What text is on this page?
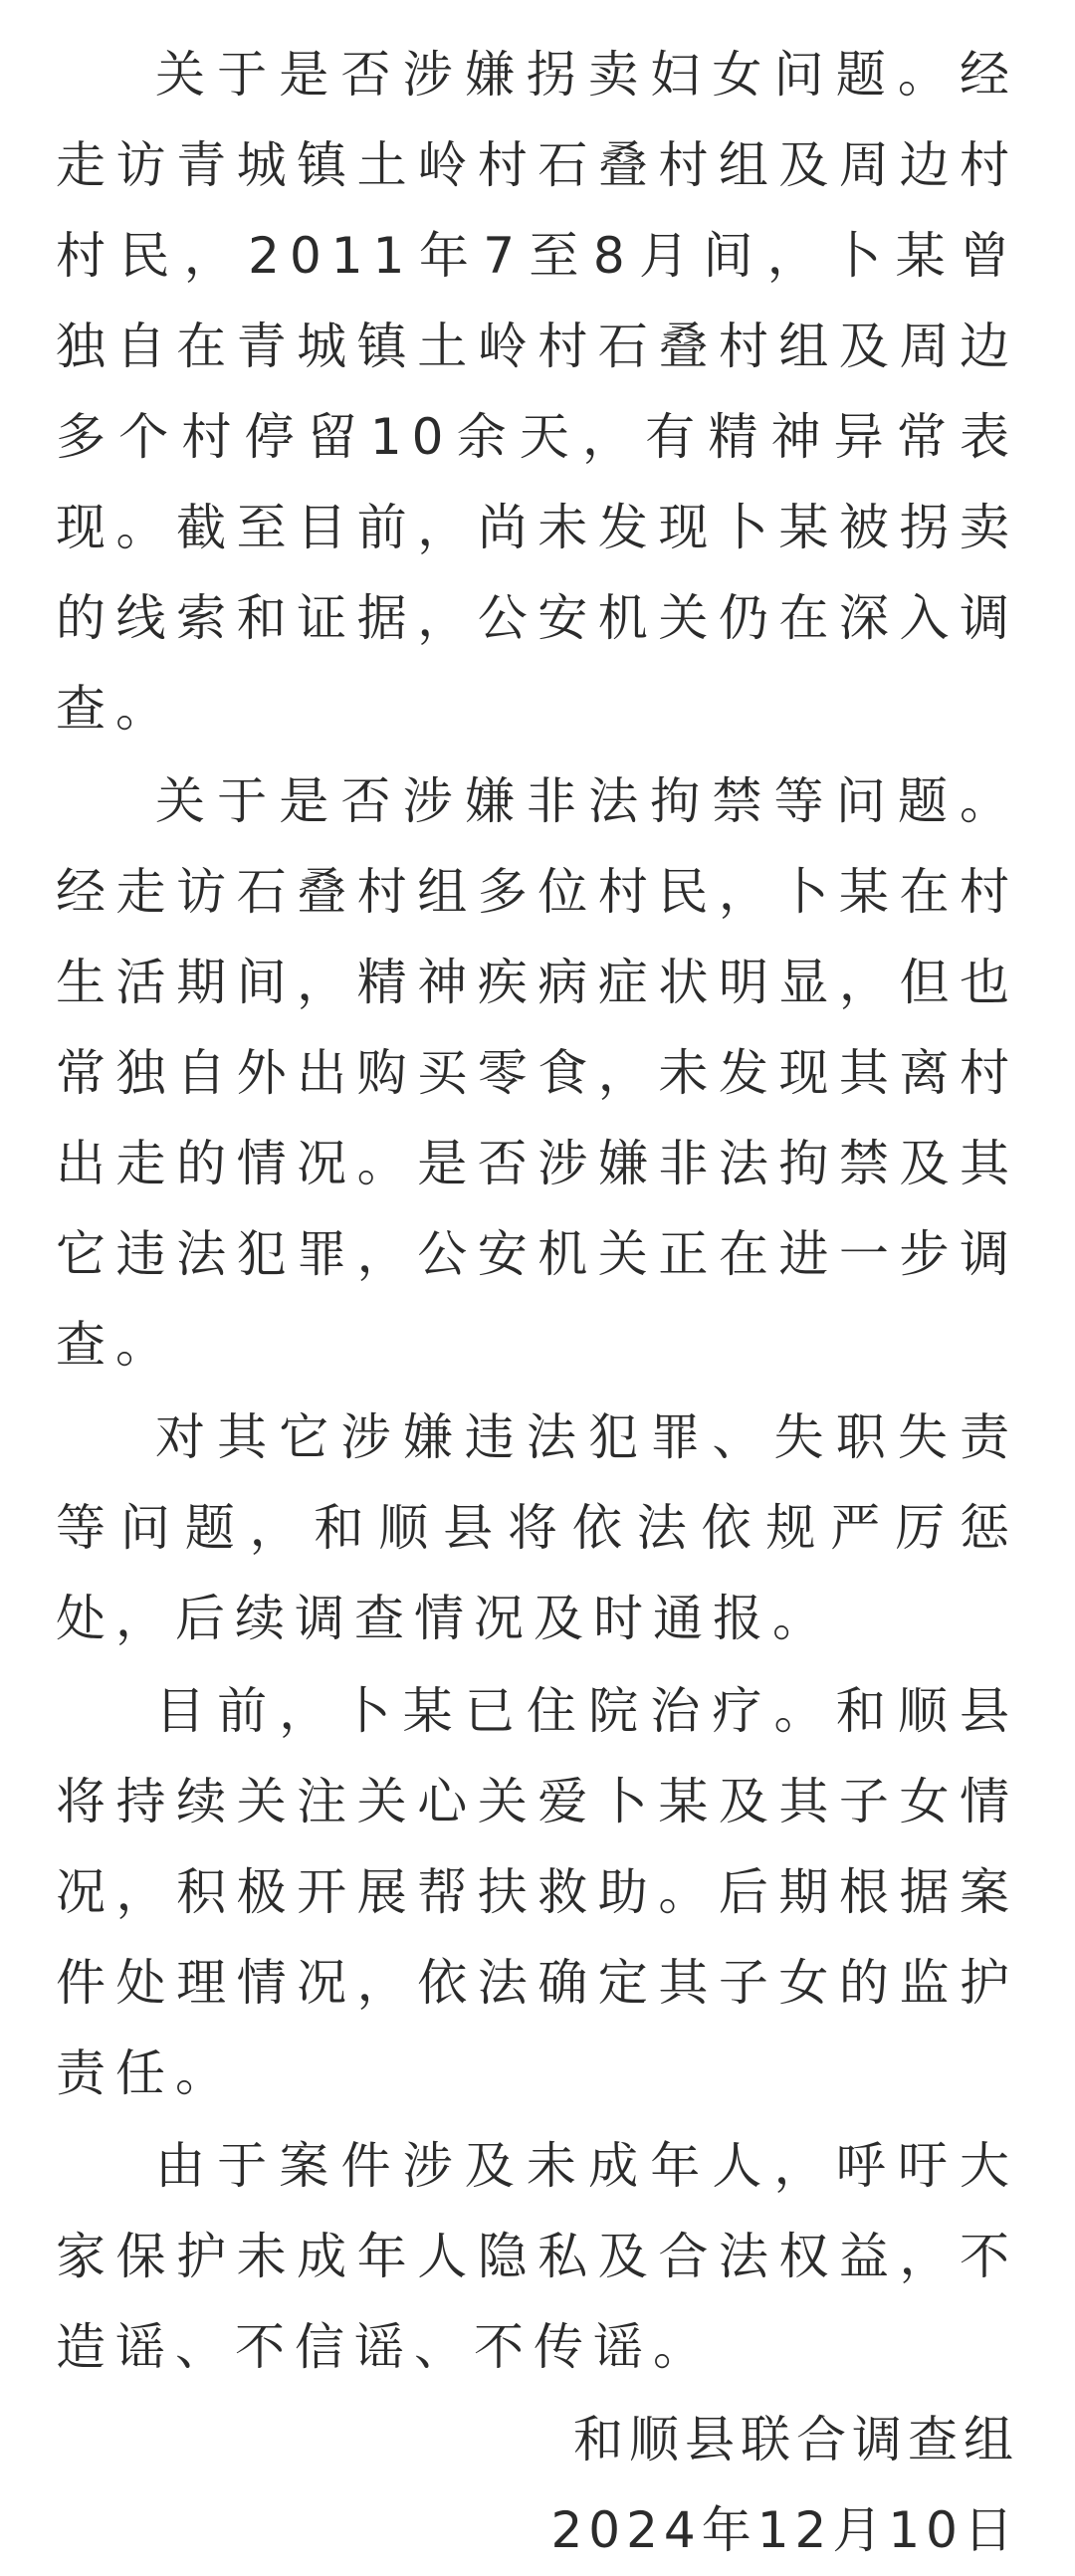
关于是否涉嫌拐卖妇女问题。经走访青城镇土岭村石叠村组及周边村村民，2011年7至8月间，卜某曾独自在青城镇土岭村石叠村组及周边多个村停留10余天，有精神异常表现。截至目前，尚未发现卜某被拐卖的线索和证据，公安机关仍在深入调查。

关于是否涉嫌非法拘禁等问题。经走访石叠村组多位村民，卜某在村生活期间，精神疾病症状明显，但也常独自外出购买零食，未发现其离村出走的情况。是否涉嫌非法拘禁及其它违法犯罪，公安机关正在进一步调查。

对其它涉嫌违法犯罪、失职失责等问题，和顺县将依法依规严厉惩处，后续调查情况及时通报。

目前，卜某已住院治疗。和顺县将持续关注关心关爱卜某及其子女情况，积极开展帮扶救助。后期根据案件处理情况，依法确定其子女的监护责任。

由于案件涉及未成年人，呼吁大家保护未成年人隐私及合法权益，不造谣、不信谣、不传谣。

和顺县联合调查组
2024年12月10日
